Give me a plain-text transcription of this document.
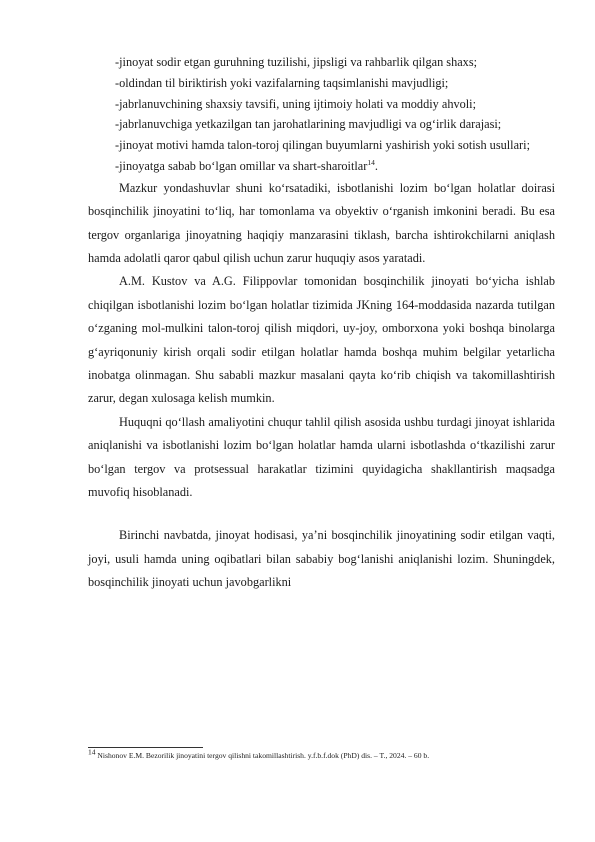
-jinoyat sodir etgan guruhning tuzilishi, jipsligi va rahbarlik qilgan shaxs;

-oldindan til biriktirish yoki vazifalarning taqsimlanishi mavjudligi;

-jabrlanuvchining shaxsiy tavsifi, uning ijtimoiy holati va moddiy ahvoli;

-jabrlanuvchiga yetkazilgan tan jarohatlarining mavjudligi va og‘irlik darajasi;

-jinoyat motivi hamda talon-toroj qilingan buyumlarni yashirish yoki sotish usullari;

-jinoyatga sabab bo‘lgan omillar va shart-sharoitlar$^{14}$.

Mazkur yondashuvlar shuni ko‘rsatadiki, isbotlanishi lozim bo‘lgan holatlar doirasi bosqinchilik jinoyatini to‘liq, har tomonlama va obyektiv o‘rganish imkonini beradi. Bu esa tergov organlariga jinoyatning haqiqiy manzarasini tiklash, barcha ishtirokchilarni aniqlash hamda adolatli qaror qabul qilish uchun zarur huquqiy asos yaratadi.

A.M. Kustov va A.G. Filippovlar tomonidan bosqinchilik jinoyati bo‘yicha ishlab chiqilgan isbotlanishi lozim bo‘lgan holatlar tizimida JKning 164-moddasida nazarda tutilgan o‘zganing mol-mulkini talon-toroj qilish miqdori, uy-joy, omborxona yoki boshqa binolarga g‘ayriqonuniy kirish orqali sodir etilgan holatlar hamda boshqa muhim belgilar yetarlicha inobatga olinmagan. Shu sababli mazkur masalani qayta ko‘rib chiqish va takomillashtirish zarur, degan xulosaga kelish mumkin.

Huquqni qo‘llash amaliyotini chuqur tahlil qilish asosida ushbu turdagi jinoyat ishlarida aniqlanishi va isbotlanishi lozim bo‘lgan holatlar hamda ularni isbotlashda o‘tkazilishi zarur bo‘lgan tergov va protsessual harakatlar tizimini quyidagicha shakllantirish maqsadga muvofiq hisoblanadi.

Birinchi navbatda, jinoyat hodisasi, ya’ni bosqinchilik jinoyatining sodir etilgan vaqti, joyi, usuli hamda uning oqibatlari bilan sababiy bog‘lanishi aniqlanishi lozim. Shuningdek, bosqinchilik jinoyati uchun javobgarlikni

$^{14}$ Nishonov E.M. Bezorilik jinoyatini tergov qilishni takomillashtirish. y.f.b.f.dok (PhD) dis. – T., 2024. – 60 b.
